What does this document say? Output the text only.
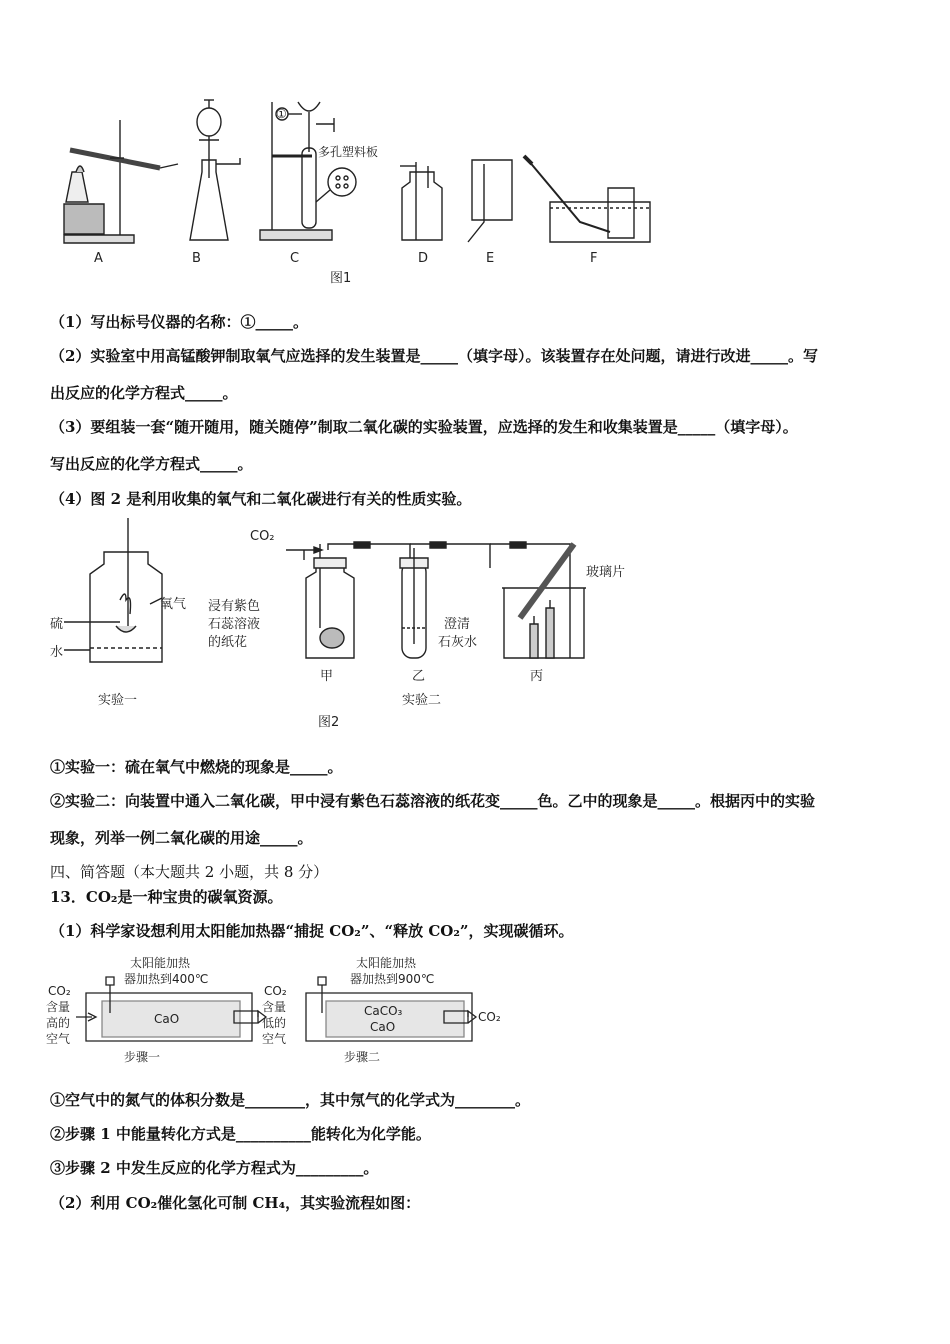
A	B	C	D	E	F
①
多孔塑料板
图1
（1）写出标号仪器的名称：①_____。
（2）实验室中用高锰酸钾制取氧气应选择的发生装置是_____（填字母）。该装置存在处问题，请进行改进_____。写
出反应的化学方程式_____。
（3）要组装一套“随开随用，随关随停”制取二氧化碳的实验装置，应选择的发生和收集装置是_____（填字母）。
写出反应的化学方程式_____。
（4）图 2 是利用收集的氧气和二氧化碳进行有关的性质实验。
CO₂
氧气
硫
水
浸有紫色
石蕊溶液
的纸花
澄清
石灰水
玻璃片
甲	乙	丙
实验一	实验二
图2
①实验一：硫在氧气中燃烧的现象是_____。
②实验二：向装置中通入二氧化碳，甲中浸有紫色石蕊溶液的纸花变_____色。乙中的现象是_____。根据丙中的实验
现象，列举一例二氧化碳的用途_____。
四、简答题（本大题共 2 小题，共 8 分）
13．CO₂是一种宝贵的碳氧资源。
（1）科学家设想利用太阳能加热器“捕捉 CO₂”、“释放 CO₂”，实现碳循环。
太阳能加热
器加热到400℃
太阳能加热
器加热到900℃
CO₂
含量
高的
空气
CO₂
含量
低的
空气
CaO
CaCO₃
CaO
CO₂
步骤一	步骤二
①空气中的氮气的体积分数是________，其中氖气的化学式为________。
②步骤 1 中能量转化方式是__________能转化为化学能。
③步骤 2 中发生反应的化学方程式为_________。
（2）利用 CO₂催化氢化可制 CH₄，其实验流程如图：
